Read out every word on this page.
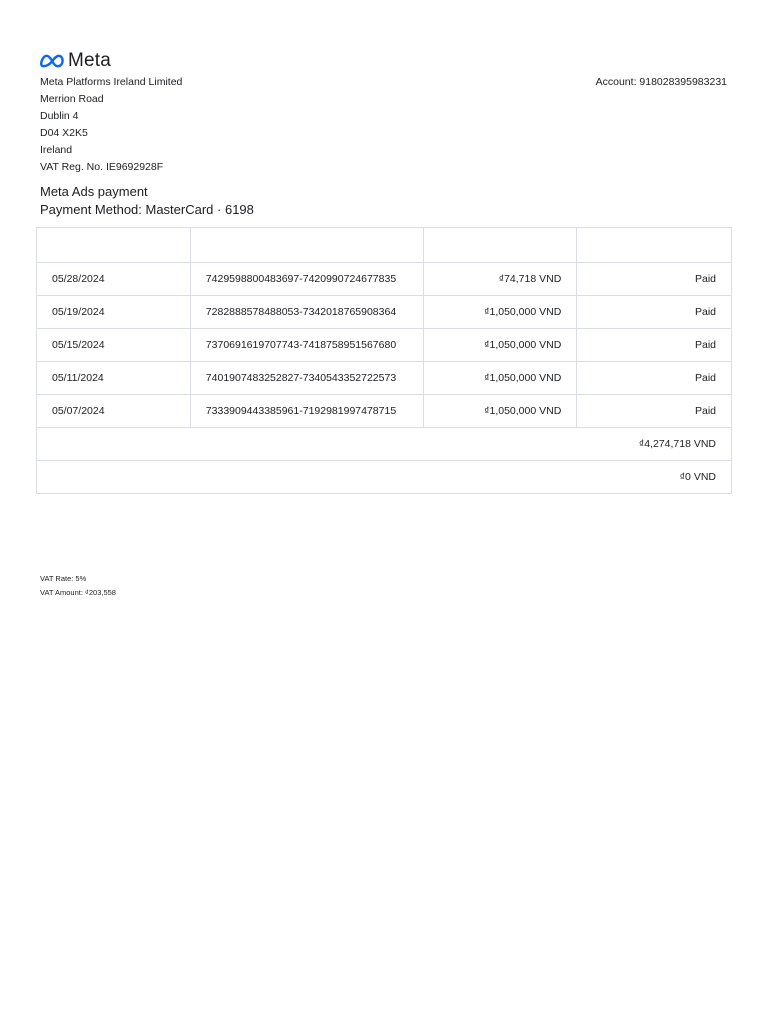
Meta
Meta Platforms Ireland Limited
Merrion Road
Dublin 4
D04 X2K5
Ireland
VAT Reg. No. IE9692928F
Account: 918028395983231
Meta Ads payment
Payment Method: MasterCard · 6198

05/28/2024	7429598800483697-7420990724677835	₫74,718 VND	Paid
05/19/2024	7282888578488053-7342018765908364	₫1,050,000 VND	Paid
05/15/2024	7370691619707743-7418758951567680	₫1,050,000 VND	Paid
05/11/2024	7401907483252827-7340543352722573	₫1,050,000 VND	Paid
05/07/2024	7333909443385961-7192981997478715	₫1,050,000 VND	Paid
₫4,274,718 VND			
₫0 VND			
VAT Rate: 5%
VAT Amount: ₫203,558
